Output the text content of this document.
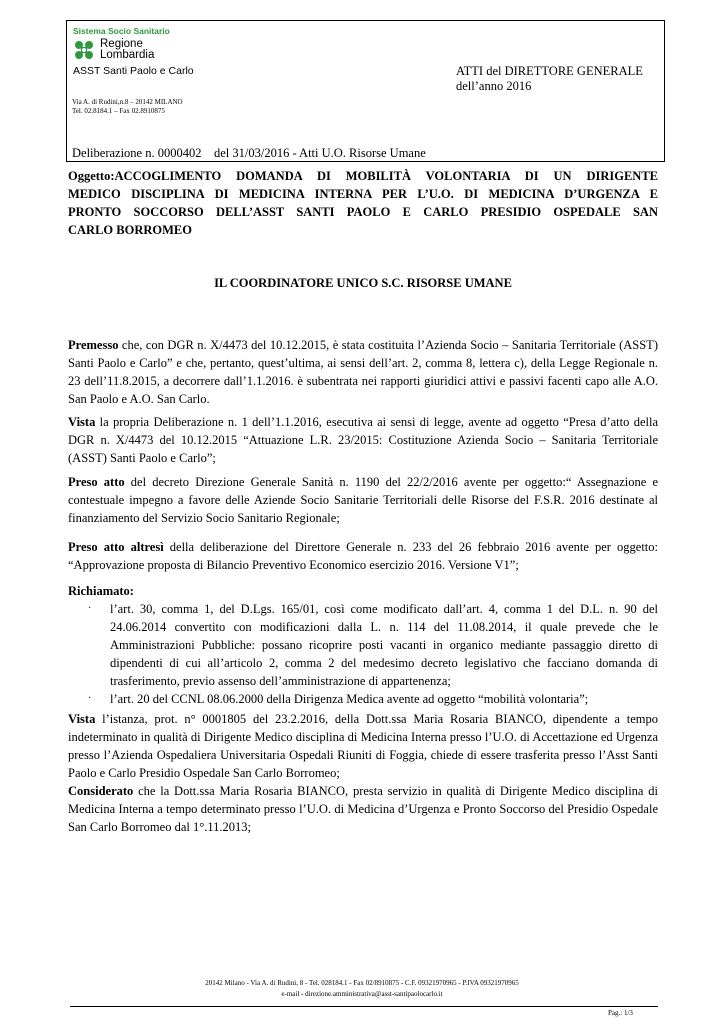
Sistema Socio Sanitario
Regione
Lombardia
ASST Santi Paolo e Carlo
Via A. di Rudini,n.8 – 20142 MILANO
Tel. 02.8184.1 – Fax 02.8910875
ATTI del DIRETTORE GENERALE
dell’anno 2016
Deliberazione n. 0000402    del 31/03/2016 - Atti U.O. Risorse Umane
Oggetto:ACCOGLIMENTO DOMANDA DI MOBILITÀ VOLONTARIA DI UN DIRIGENTE
MEDICO DISCIPLINA DI MEDICINA INTERNA PER L’U.O. DI MEDICINA D’URGENZA E
PRONTO SOCCORSO DELL’ASST SANTI PAOLO E CARLO PRESIDIO OSPEDALE SAN
CARLO BORROMEO
IL COORDINATORE UNICO S.C. RISORSE UMANE
Premesso che, con DGR n. X/4473 del 10.12.2015, è stata costituita l’Azienda Socio – Sanitaria Territoriale (ASST) Santi Paolo e Carlo” e che, pertanto, quest’ultima, ai sensi dell’art. 2, comma 8, lettera c), della Legge Regionale n. 23 dell’11.8.2015, a decorrere dall’1.1.2016. è subentrata nei rapporti giuridici attivi e passivi facenti capo alle A.O. San Paolo e A.O. San Carlo.
Vista la propria Deliberazione n. 1 dell’1.1.2016, esecutiva ai sensi di legge, avente ad oggetto “Presa d’atto della DGR n. X/4473 del 10.12.2015 “Attuazione L.R. 23/2015: Costituzione Azienda Socio – Sanitaria Territoriale (ASST) Santi Paolo e Carlo”;
Preso atto del decreto Direzione Generale Sanità n. 1190 del 22/2/2016 avente per oggetto:“ Assegnazione e contestuale impegno a favore delle Aziende Socio Sanitarie Territoriali delle Risorse del F.S.R. 2016 destinate al finanziamento del Servizio Socio Sanitario Regionale;
Preso atto altresì della deliberazione del Direttore Generale n. 233 del 26 febbraio 2016 avente per oggetto: “Approvazione proposta di Bilancio Preventivo Economico esercizio 2016. Versione V1”;
Richiamato:
·	l’art. 30, comma 1, del D.Lgs. 165/01, così come modificato dall’art. 4, comma 1 del D.L. n. 90 del 24.06.2014 convertito con modificazioni dalla L. n. 114 del 11.08.2014, il quale prevede che le Amministrazioni Pubbliche: possano ricoprire posti vacanti in organico mediante passaggio diretto di dipendenti di cui all’articolo 2, comma 2 del medesimo decreto legislativo che facciano domanda di trasferimento, previo assenso dell’amministrazione di appartenenza;
·	l’art. 20 del CCNL 08.06.2000 della Dirigenza Medica avente ad oggetto “mobilità volontaria”;
Vista l’istanza, prot. n° 0001805 del 23.2.2016, della Dott.ssa Maria Rosaria BIANCO, dipendente a tempo indeterminato in qualità di Dirigente Medico disciplina di Medicina Interna presso l’U.O. di Accettazione ed Urgenza presso l’Azienda Ospedaliera Universitaria Ospedali Riuniti di Foggia, chiede di essere trasferita presso l’Asst Santi Paolo e Carlo Presidio Ospedale San Carlo Borromeo;
Considerato che la Dott.ssa Maria Rosaria BIANCO, presta servizio in qualità di Dirigente Medico disciplina di Medicina Interna a tempo determinato presso l’U.O. di Medicina d’Urgenza e Pronto Soccorso del Presidio Ospedale San Carlo Borromeo dal 1°.11.2013;
20142 Milano - Via A. di Rudini, 8 - Tel. 028184.1 - Fax 02/8910875 - C.F. 09321970965 - P.IVA 09321970965
e-mail - direzione.amministrativa@asst-santipaolocarlo.it
Pag.: 1/3
